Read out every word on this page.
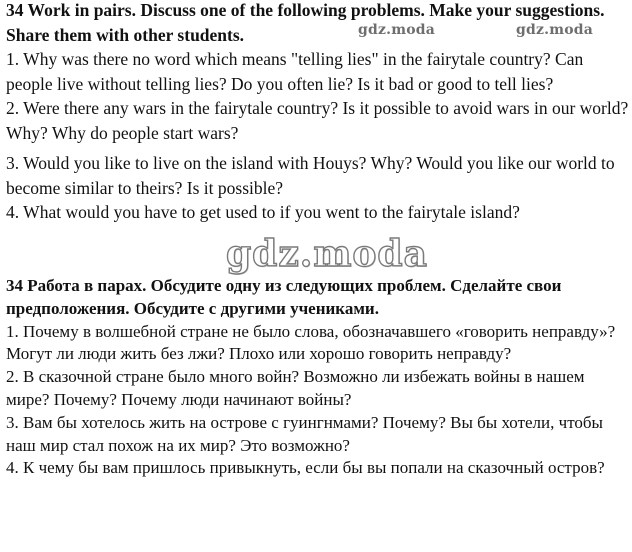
34 Work in pairs. Discuss one of the following problems. Make your suggestions. Share them with other students.

1. Why was there no word which means "telling lies" in the fairytale country? Can people live without telling lies? Do you often lie? Is it bad or good to tell lies?

2. Were there any wars in the fairytale country? Is it possible to avoid wars in our world? Why? Why do people start wars?

3. Would you like to live on the island with Houys? Why? Would you like our world to become similar to theirs? Is it possible?

4. What would you have to get used to if you went to the fairytale island?

gdz.moda	gdz.moda
gdz.moda

34 Работа в парах. Обсудите одну из следующих проблем. Сделайте свои предположения. Обсудите с другими учениками.

1. Почему в волшебной стране не было слова, обозначавшего «говорить неправду»? Могут ли люди жить без лжи? Плохо или хорошо говорить неправду?

2. В сказочной стране было много войн? Возможно ли избежать войны в нашем мире? Почему? Почему люди начинают войны?

3. Вам бы хотелось жить на острове с гуингнмами? Почему? Вы бы хотели, чтобы наш мир стал похож на их мир? Это возможно?

4. К чему бы вам пришлось привыкнуть, если бы вы попали на сказочный остров?
